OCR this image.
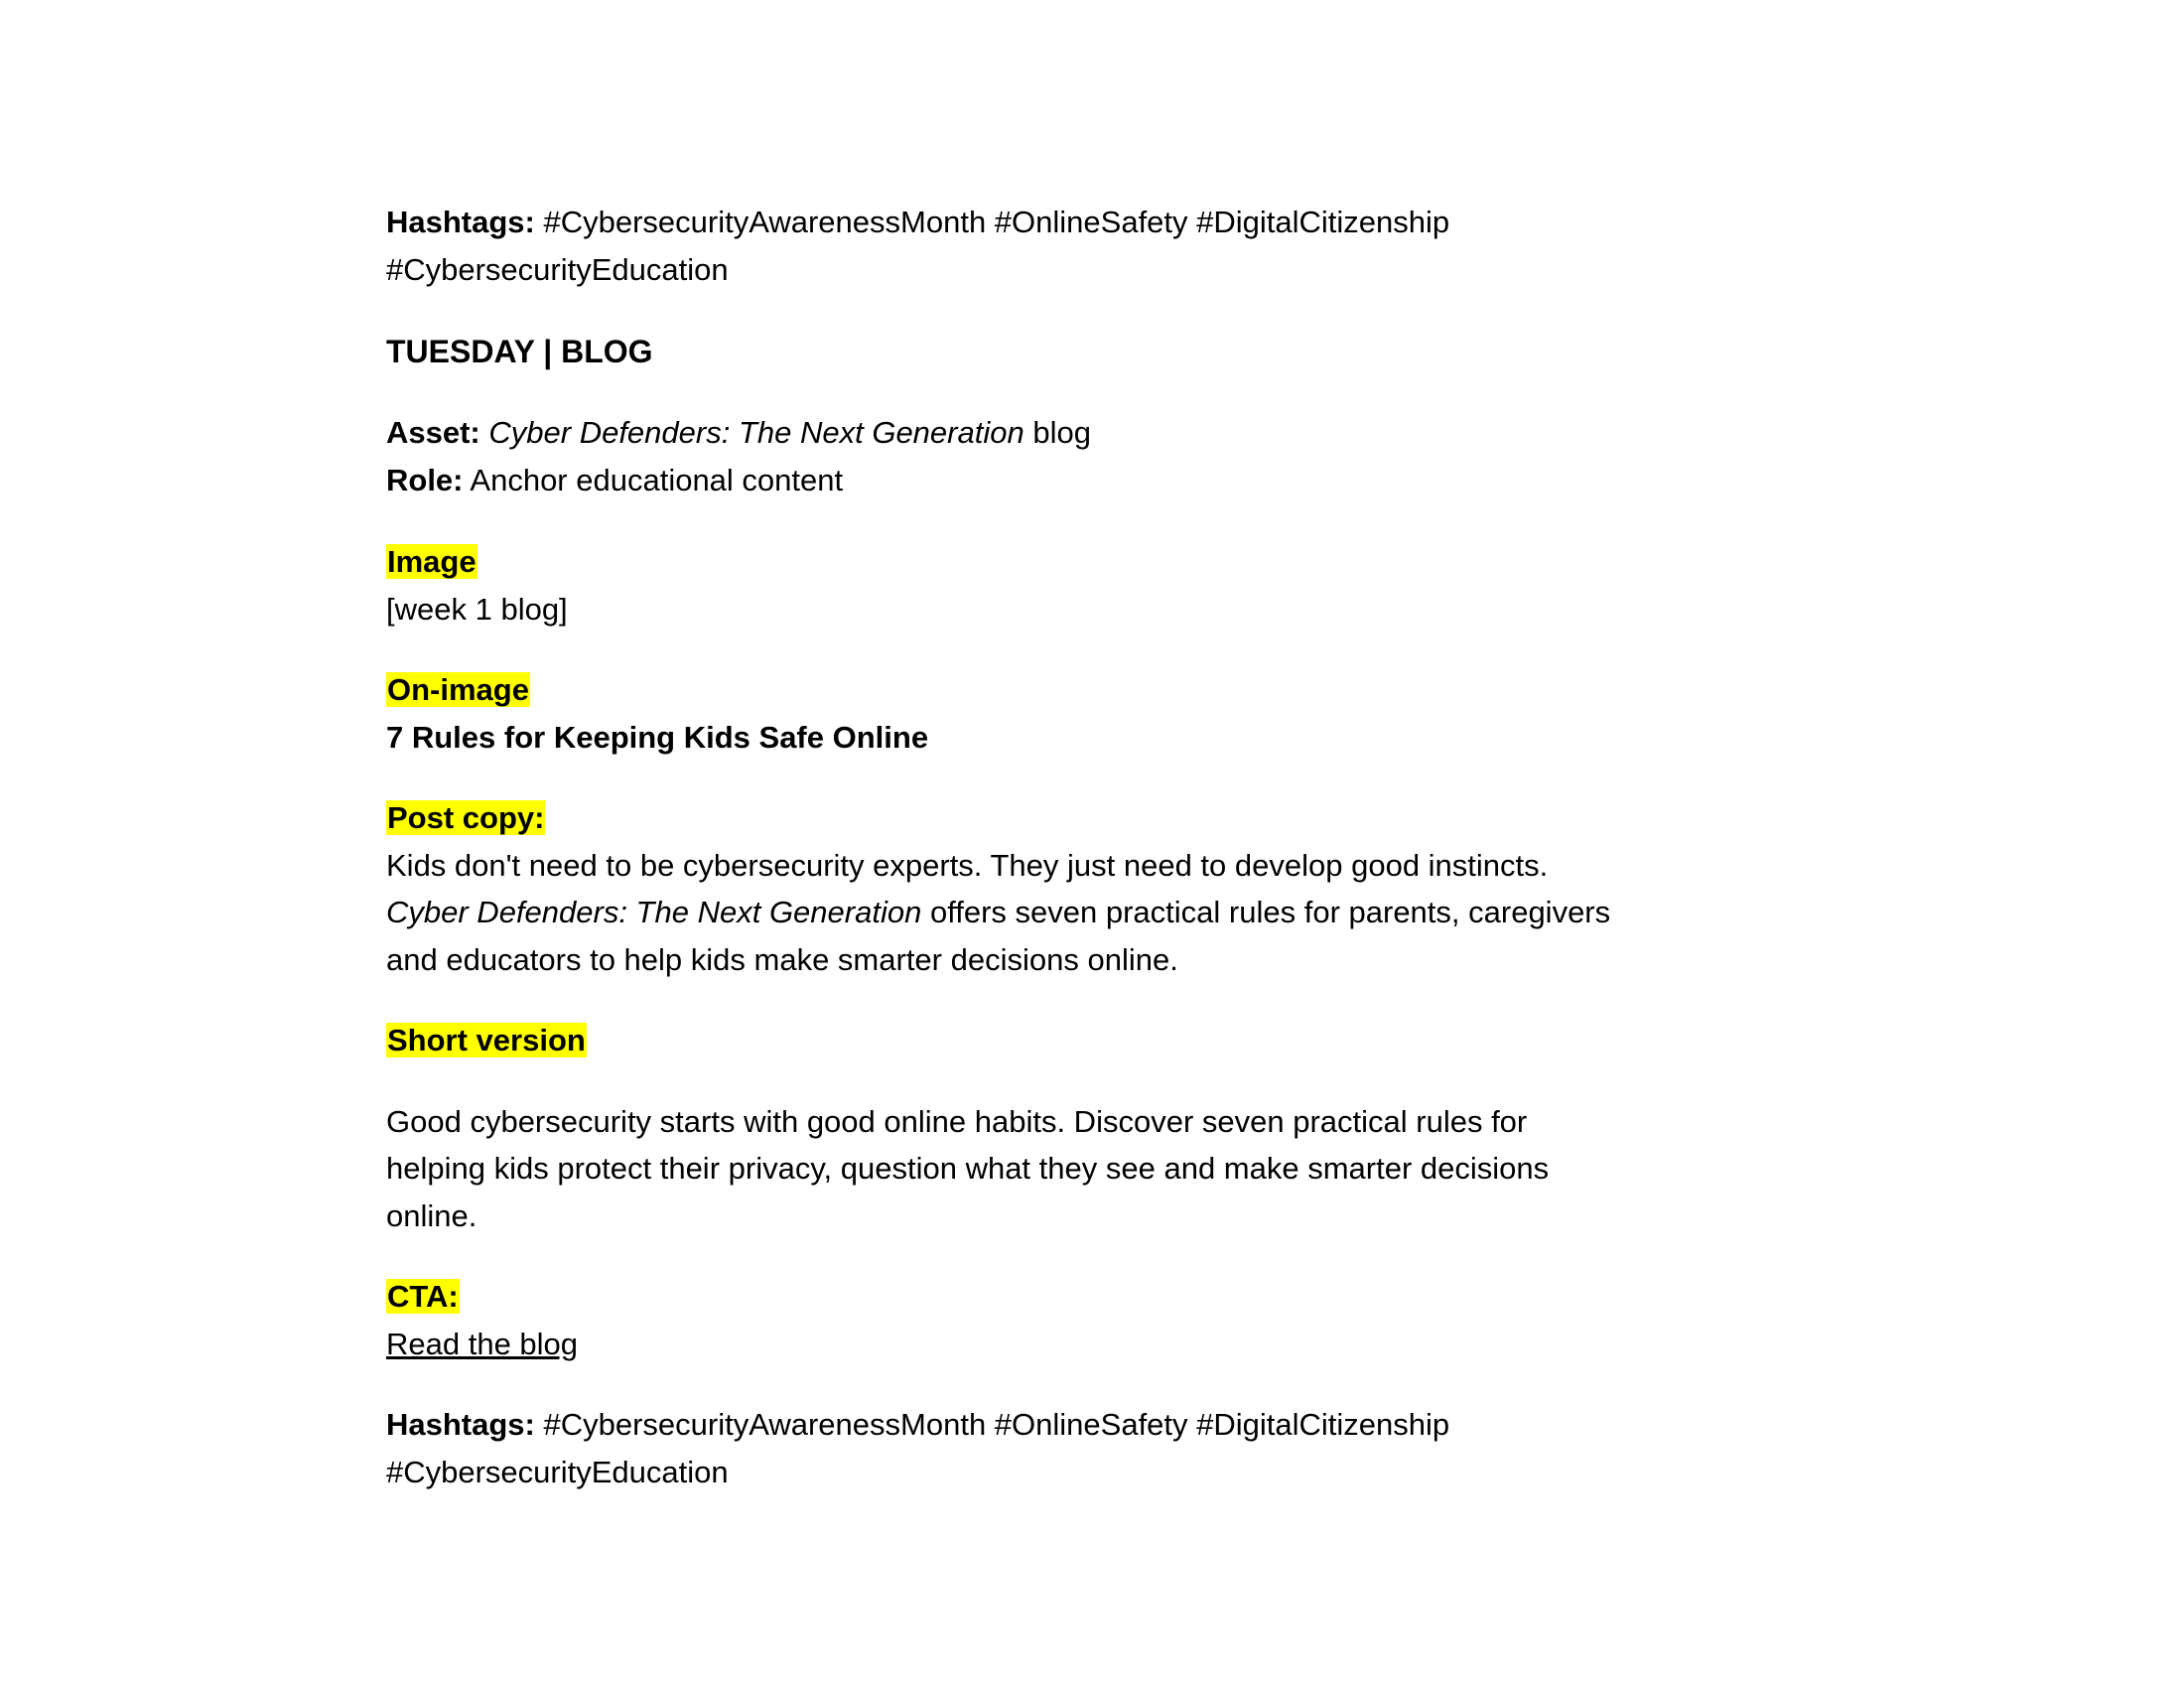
Hashtags: #CybersecurityAwarenessMonth #OnlineSafety #DigitalCitizenship
#CybersecurityEducation
TUESDAY | BLOG
Asset: Cyber Defenders: The Next Generation blog
Role: Anchor educational content
Image
[week 1 blog]
On-image
7 Rules for Keeping Kids Safe Online
Post copy:
Kids don't need to be cybersecurity experts. They just need to develop good instincts.
Cyber Defenders: The Next Generation offers seven practical rules for parents, caregivers
and educators to help kids make smarter decisions online.
Short version
Good cybersecurity starts with good online habits. Discover seven practical rules for
helping kids protect their privacy, question what they see and make smarter decisions
online.
CTA:
Read the blog
Hashtags: #CybersecurityAwarenessMonth #OnlineSafety #DigitalCitizenship
#CybersecurityEducation
